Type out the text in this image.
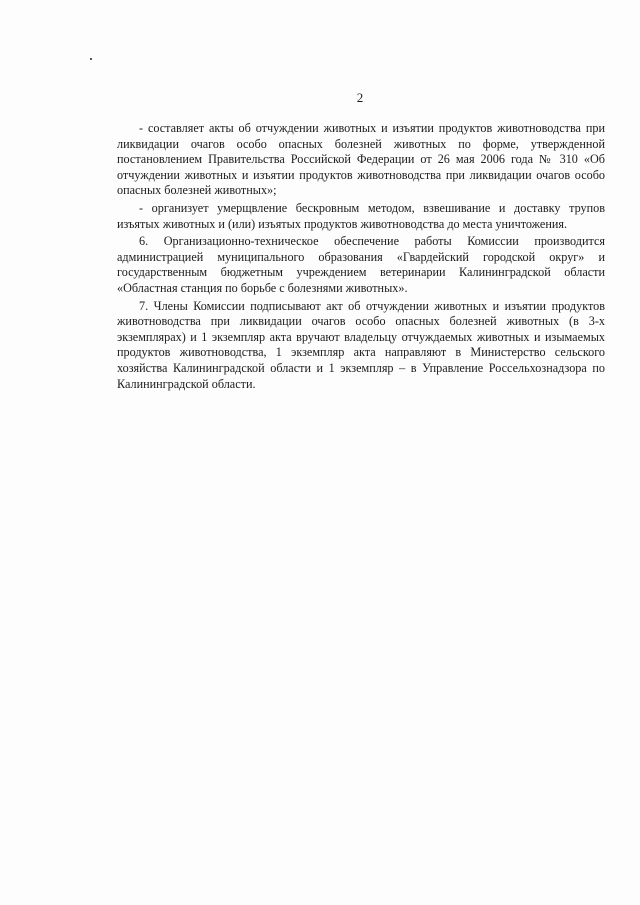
2

- составляет акты об отчуждении животных и изъятии продуктов животноводства при ликвидации очагов особо опасных болезней животных по форме, утвержденной постановлением Правительства Российской Федерации от 26 мая 2006 года № 310 «Об отчуждении животных и изъятии продуктов животноводства при ликвидации очагов особо опасных болезней животных»;

- организует умерщвление бескровным методом, взвешивание и доставку трупов изъятых животных и (или) изъятых продуктов животноводства до места уничтожения.

6. Организационно-техническое обеспечение работы Комиссии производится администрацией муниципального образования «Гвардейский городской округ» и государственным бюджетным учреждением ветеринарии Калининградской области «Областная станция по борьбе с болезнями животных».

7. Члены Комиссии подписывают акт об отчуждении животных и изъятии продуктов животноводства при ликвидации очагов особо опасных болезней животных (в 3-х экземплярах) и 1 экземпляр акта вручают владельцу отчуждаемых животных и изымаемых продуктов животноводства, 1 экземпляр акта направляют в Министерство сельского хозяйства Калининградской области и 1 экземпляр – в Управление Россельхознадзора по Калининградской области.
